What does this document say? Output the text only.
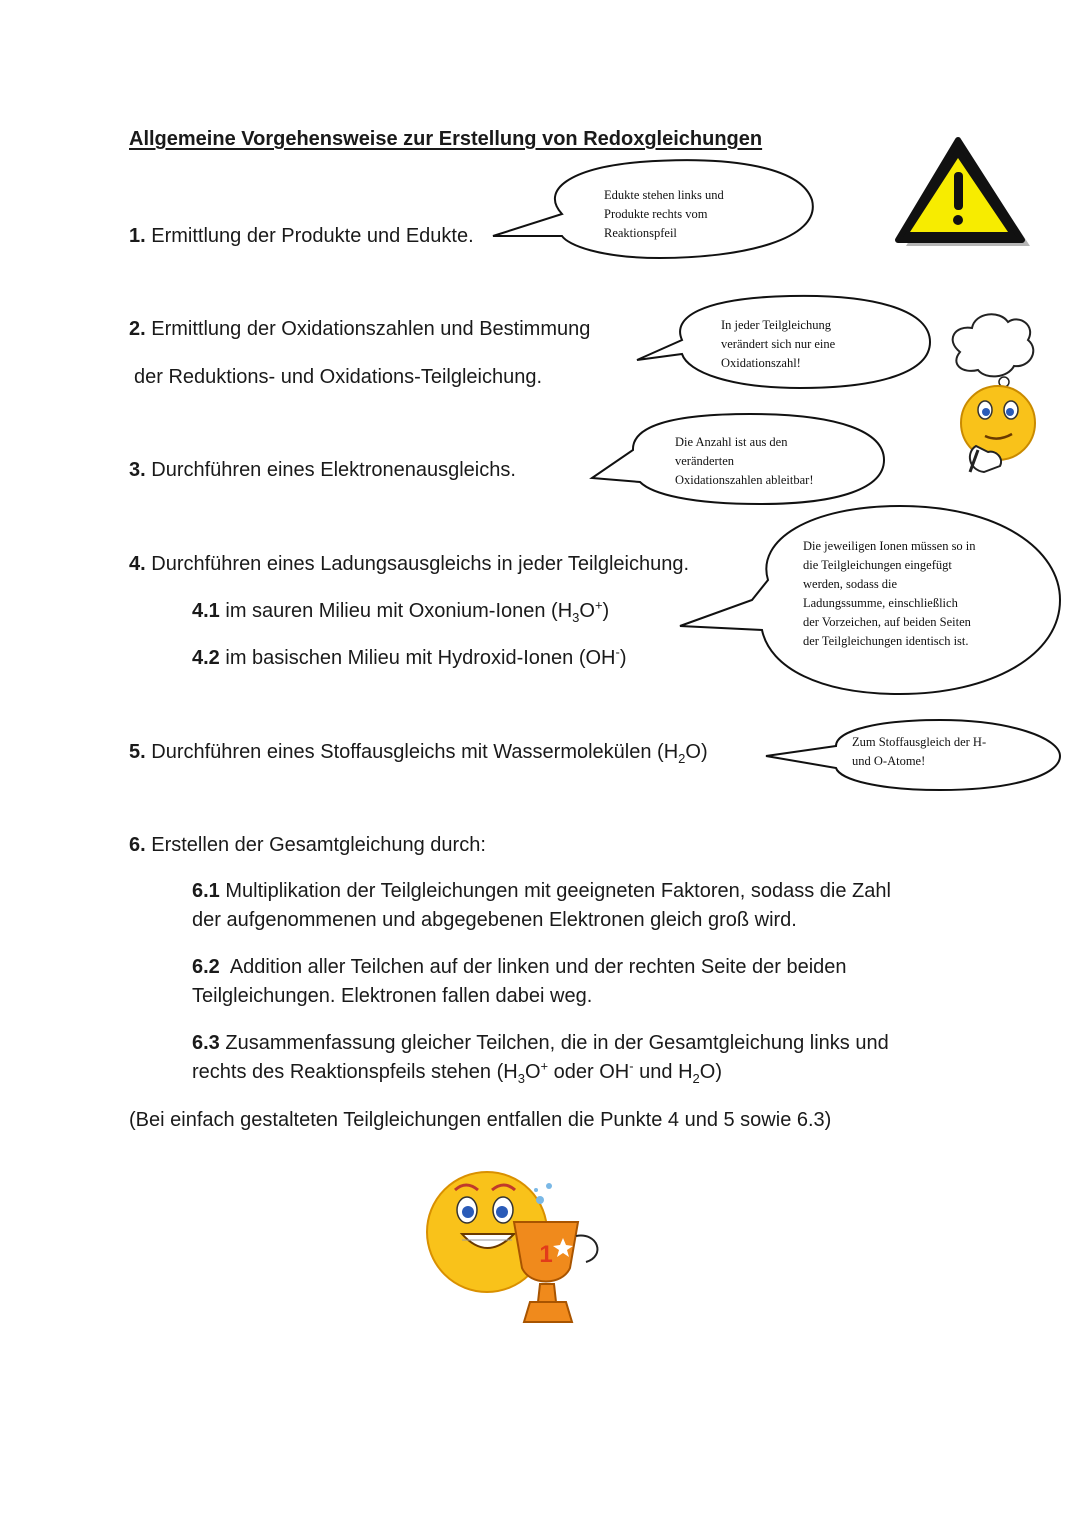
Allgemeine Vorgehensweise zur Erstellung von Redoxgleichungen
1
Edukte stehen links und
Produkte rechts vom
Reaktionspfeil
In jeder Teilgleichung
verändert sich nur eine
Oxidationszahl!
Die Anzahl ist aus den
veränderten
Oxidationszahlen ableitbar!
Die jeweiligen Ionen müssen so in
die Teilgleichungen eingefügt
werden, sodass die
Ladungssumme, einschließlich
der Vorzeichen, auf beiden Seiten
der Teilgleichungen identisch ist.
Zum Stoffausgleich der H-
und O-Atome!
1. Ermittlung der Produkte und Edukte.
2. Ermittlung der Oxidationszahlen und Bestimmung
der Reduktions- und Oxidations-Teilgleichung.
3. Durchführen eines Elektronenausgleichs.
4. Durchführen eines Ladungsausgleichs in jeder Teilgleichung.
4.1 im sauren Milieu mit Oxonium-Ionen $(H_3O^+)$
4.2 im basischen Milieu mit Hydroxid-Ionen (OH-)
5. Durchführen eines Stoffausgleichs mit Wassermolekülen $(H_2O)$
6. Erstellen der Gesamtgleichung durch:
6.1 Multiplikation der Teilgleichungen mit geeigneten Faktoren, sodass die Zahl der aufgenommenen und abgegebenen Elektronen gleich groß wird.
6.2 Addition aller Teilchen auf der linken und der rechten Seite der beiden Teilgleichungen. Elektronen fallen dabei weg.
6.3 Zusammenfassung gleicher Teilchen, die in der Gesamtgleichung links und rechts des Reaktionspfeils stehen ($H_3O^+$ oder OH- und $H_2O$)
(Bei einfach gestalteten Teilgleichungen entfallen die Punkte 4 und 5 sowie 6.3)
